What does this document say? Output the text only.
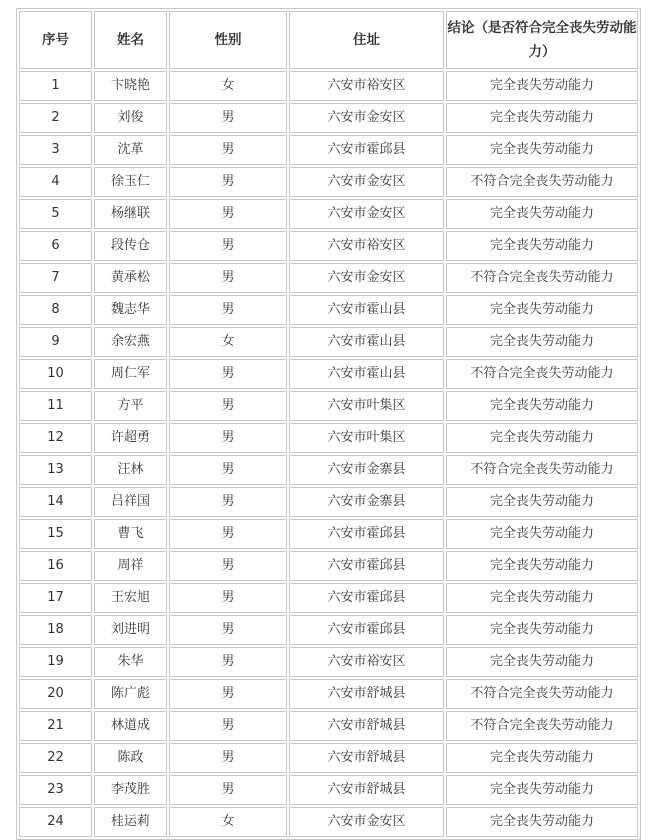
序号	姓名	性别	住址	结论（是否符合完全丧失劳动能力）
1	卞晓艳	女	六安市裕安区	完全丧失劳动能力
2	刘俊	男	六安市金安区	完全丧失劳动能力
3	沈革	男	六安市霍邱县	完全丧失劳动能力
4	徐玉仁	男	六安市金安区	不符合完全丧失劳动能力
5	杨继联	男	六安市金安区	完全丧失劳动能力
6	段传仓	男	六安市裕安区	完全丧失劳动能力
7	黄承松	男	六安市金安区	不符合完全丧失劳动能力
8	魏志华	男	六安市霍山县	完全丧失劳动能力
9	余宏燕	女	六安市霍山县	完全丧失劳动能力
10	周仁军	男	六安市霍山县	不符合完全丧失劳动能力
11	方平	男	六安市叶集区	完全丧失劳动能力
12	许超勇	男	六安市叶集区	完全丧失劳动能力
13	汪林	男	六安市金寨县	不符合完全丧失劳动能力
14	吕祥国	男	六安市金寨县	完全丧失劳动能力
15	曹飞	男	六安市霍邱县	完全丧失劳动能力
16	周祥	男	六安市霍邱县	完全丧失劳动能力
17	王宏旭	男	六安市霍邱县	完全丧失劳动能力
18	刘进明	男	六安市霍邱县	完全丧失劳动能力
19	朱华	男	六安市裕安区	完全丧失劳动能力
20	陈广彪	男	六安市舒城县	不符合完全丧失劳动能力
21	林道成	男	六安市舒城县	不符合完全丧失劳动能力
22	陈政	男	六安市舒城县	完全丧失劳动能力
23	李茂胜	男	六安市舒城县	完全丧失劳动能力
24	桂运莉	女	六安市金安区	完全丧失劳动能力
